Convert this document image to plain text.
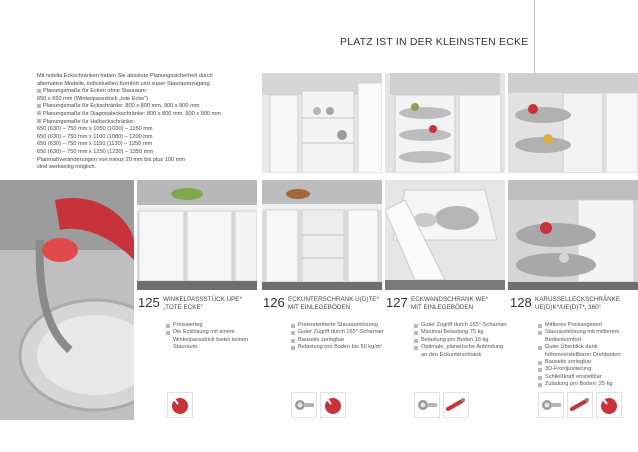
PLATZ IST IN DER KLEINSTEN ECKE
Mit nobilia Eckschränken haben Sie absolute Planungssicherheit durch
alternative Modelle, individuellen Komfort und super Stauraumzugang.
Planungsmaße für Ecken ohne Stauraum:
650 x 650 mm (Winkelpassstück „tote Ecke“)
Planungsmaße für Eckschränke: 800 x 800 mm, 900 x 900 mm
Planungsmaße für Diagonaleckschränke: 800 x 800 mm, 900 x 900 mm
Planungsmaße für Halbeckschränke:
650 (630) – 750 mm x 1050 (1030) – 1150 mm
650 (630) – 750 mm x 1100 (1080) – 1200 mm
650 (630) – 750 mm x 1150 (1130) – 1250 mm
650 (630) – 750 mm x 1250 (1230) – 1350 mm
Planmaßveränderungen von minus 20 mm bis plus 100 mm
sind werkseitig möglich.
125 WINKELPASSSTÜCK UPE*
„TOTE ECKE“
Preiswerteg
Die Ecklösung mit einem Winkelpassstück bietet keinen Stauraum.
126 ECKUNTERSCHRANK U(D)TE*
MIT EINLEGEBÖDEN
Preisorientierte Stauraumlösung
Guter Zugriff durch 165°-Scharnier
Bauseits zerlegbar
Belastung pro Boden bis 50 kg/m²
127 ECKWANDSCHRANK WE*
MIT EINLEGEBÖDEN
Guter Zugriff durch 165°-Scharnier
Maximal Belastung 75 kg
Belastung pro Boden 16 kg
Optimale, planerische Anbindung an den Eckunterschrank
128 KARUSSELLECKSCHRÄNKE
UE(D)K*/UE(D)T*, 360°
Mittleres Preissegment
Stauraumlösung mit mittlerem Bedienkomfort
Guter Überblick dank höhenverstellbarer Drehböden
Bauseits zerlegbar
3D-Frontjustierung
Schließkraft einstellbar
Zuladung pro Boden: 25 kg
